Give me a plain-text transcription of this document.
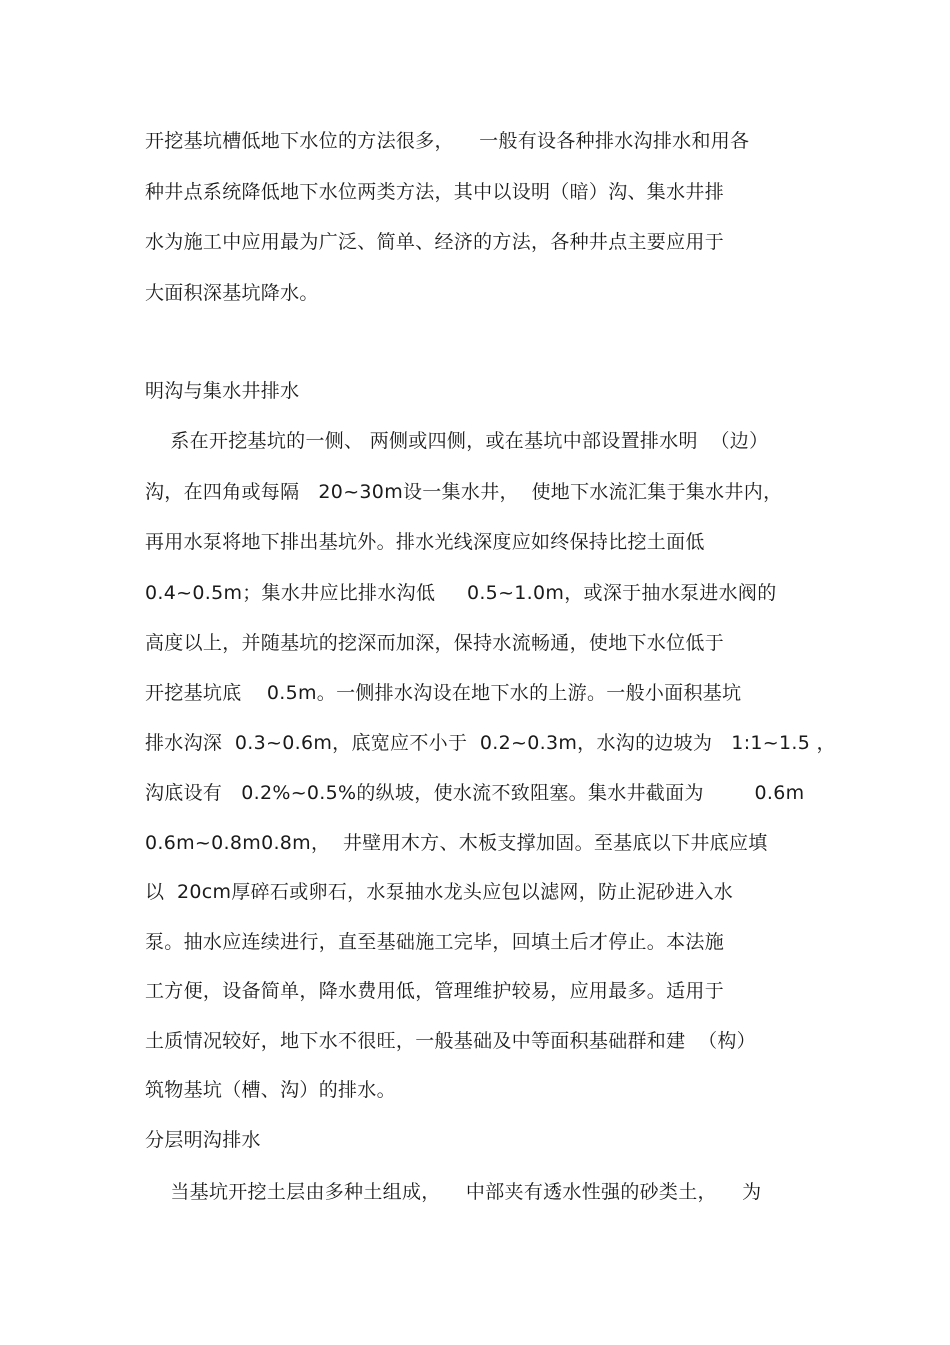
开挖基坑槽低地下水位的方法很多，    一般有设各种排水沟排水和用各
种井点系统降低地下水位两类方法，其中以设明（暗）沟、集水井排
水为施工中应用最为广泛、简单、经济的方法，各种井点主要应用于
大面积深基坑降水。
明沟与集水井排水
系在开挖基坑的一侧、 两侧或四侧，或在基坑中部设置排水明  （边）
沟，在四角或每隔   20~30m设一集水井，  使地下水流汇集于集水井内，
再用水泵将地下排出基坑外。排水光线深度应如终保持比挖土面低
0.4~0.5m；集水井应比排水沟低     0.5~1.0m，或深于抽水泵进水阀的
高度以上，并随基坑的挖深而加深，保持水流畅通，使地下水位低于
开挖基坑底    0.5m。一侧排水沟设在地下水的上游。一般小面积基坑
排水沟深  0.3~0.6m，底宽应不小于  0.2~0.3m，水沟的边坡为   1:1~1.5 ，
沟底设有   0.2%~0.5%的纵坡，使水流不致阻塞。集水井截面为        0.6m
0.6m~0.8m0.8m，  井壁用木方、木板支撑加固。至基底以下井底应填
以  20cm厚碎石或卵石，水泵抽水龙头应包以滤网，防止泥砂进入水
泵。抽水应连续进行，直至基础施工完毕，回填土后才停止。本法施
工方便，设备简单，降水费用低，管理维护较易，应用最多。适用于
土质情况较好，地下水不很旺，一般基础及中等面积基础群和建  （构）
筑物基坑（槽、沟）的排水。
分层明沟排水
当基坑开挖土层由多种土组成，    中部夹有透水性强的砂类土，    为
